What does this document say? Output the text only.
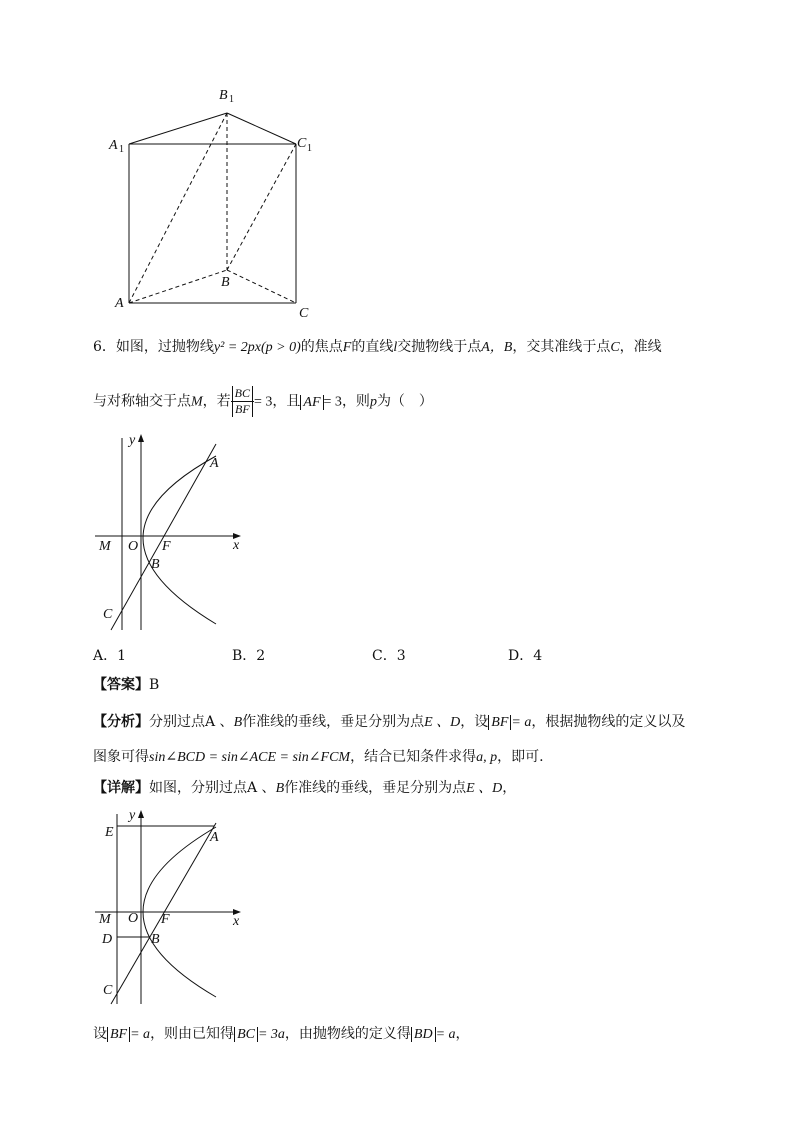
B 1
A 1	C 1
A
B
C
6．如图，过抛物线y² = 2px(p > 0)的焦点F的直线l交抛物线于点A，B，交其准线于点C，准线
与对称轴交于点M，若 $\frac{BC}{BF} = 3$，且 AF = 3，则p为（　）
y
x
A
B
C
M O F
A．1	B．2	C．3	D．4
【答案】B
【分析】分别过点A 、B作准线的垂线，垂足分别为点E 、D，设 BF = a，根据抛物线的定义以及
图象可得sin∠BCD = sin∠ACE = sin∠FCM，结合已知条件求得a, p，即可.
【详解】如图，分别过点A 、B作准线的垂线，垂足分别为点E 、D，
y
x
E	A
M O F
D	B
C
设 BF = a，则由已知得 BC = 3a，由抛物线的定义得 BD = a，
